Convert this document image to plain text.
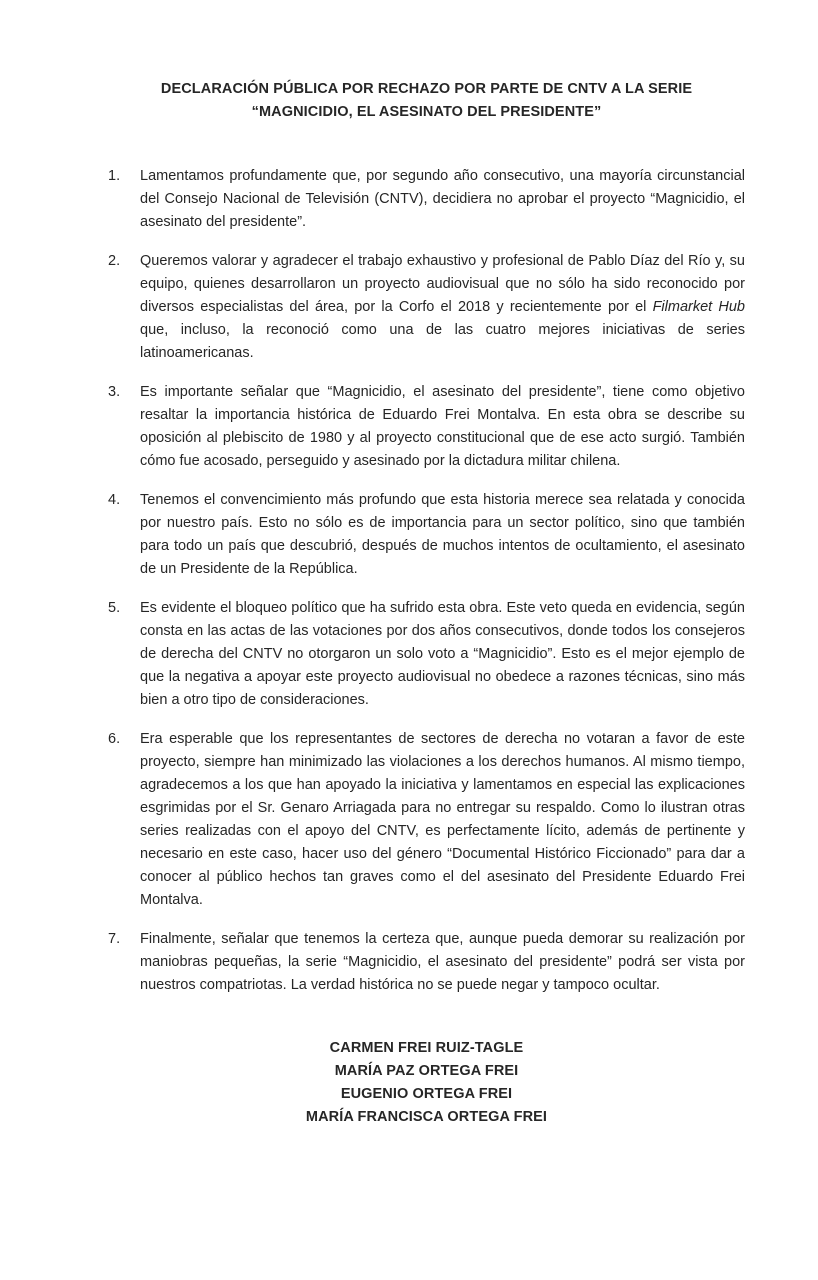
DECLARACIÓN PÚBLICA POR RECHAZO POR PARTE DE CNTV A LA SERIE
“MAGNICIDIO, EL ASESINATO DEL PRESIDENTE”
1.	Lamentamos profundamente que, por segundo año consecutivo, una mayoría circunstancial del Consejo Nacional de Televisión (CNTV), decidiera no aprobar el proyecto “Magnicidio, el asesinato del presidente”.
2.	Queremos valorar y agradecer el trabajo exhaustivo y profesional de Pablo Díaz del Río y, su equipo, quienes desarrollaron un proyecto audiovisual que no sólo ha sido reconocido por diversos especialistas del área, por la Corfo el 2018 y recientemente por el Filmarket Hub que, incluso, la reconoció como una de las cuatro mejores iniciativas de series latinoamericanas.
3.	Es importante señalar que “Magnicidio, el asesinato del presidente”, tiene como objetivo resaltar la importancia histórica de Eduardo Frei Montalva. En esta obra se describe su oposición al plebiscito de 1980 y al proyecto constitucional que de ese acto surgió. También cómo fue acosado, perseguido y asesinado por la dictadura militar chilena.
4.	Tenemos el convencimiento más profundo que esta historia merece sea relatada y conocida por nuestro país. Esto no sólo es de importancia para un sector político, sino que también para todo un país que descubrió, después de muchos intentos de ocultamiento, el asesinato de un Presidente de la República.
5.	Es evidente el bloqueo político que ha sufrido esta obra. Este veto queda en evidencia, según consta en las actas de las votaciones por dos años consecutivos, donde todos los consejeros de derecha del CNTV no otorgaron un solo voto a “Magnicidio”. Esto es el mejor ejemplo de que la negativa a apoyar este proyecto audiovisual no obedece a razones técnicas, sino más bien a otro tipo de consideraciones.
6.	Era esperable que los representantes de sectores de derecha no votaran a favor de este proyecto, siempre han minimizado las violaciones a los derechos humanos. Al mismo tiempo, agradecemos a los que han apoyado la iniciativa y lamentamos en especial las explicaciones esgrimidas por el Sr. Genaro Arriagada para no entregar su respaldo. Como lo ilustran otras series realizadas con el apoyo del CNTV, es perfectamente lícito, además de pertinente y necesario en este caso, hacer uso del género “Documental Histórico Ficcionado” para dar a conocer al público hechos tan graves como el del asesinato del Presidente Eduardo Frei Montalva.
7.	Finalmente, señalar que tenemos la certeza que, aunque pueda demorar su realización por maniobras pequeñas, la serie “Magnicidio, el asesinato del presidente” podrá ser vista por nuestros compatriotas. La verdad histórica no se puede negar y tampoco ocultar.
CARMEN FREI RUIZ-TAGLE
MARÍA PAZ ORTEGA FREI
EUGENIO ORTEGA FREI
MARÍA FRANCISCA ORTEGA FREI
